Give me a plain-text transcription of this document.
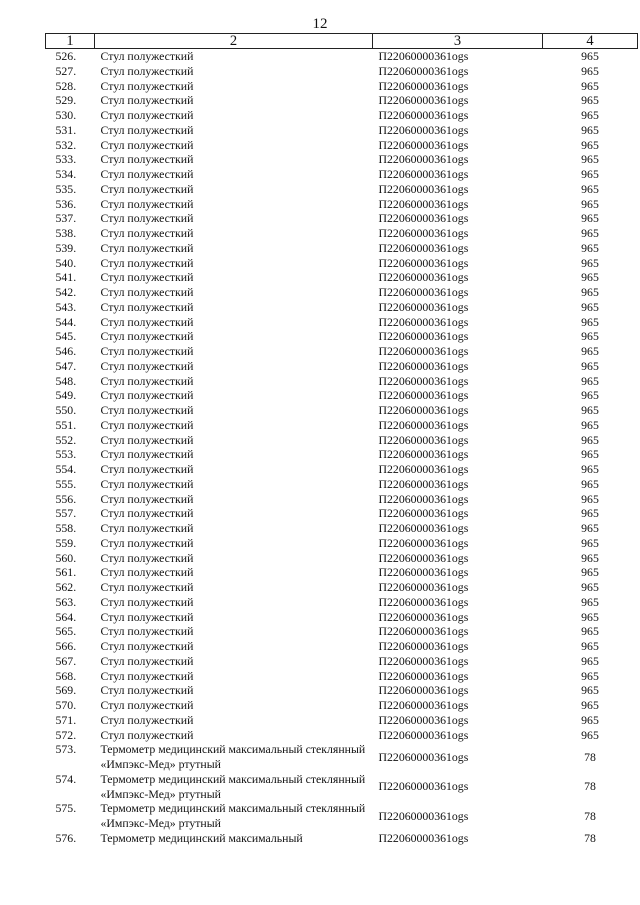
12
1	2	3	4
526.	Стул полужесткий	П22060000361ogs	965
527.	Стул полужесткий	П22060000361ogs	965
528.	Стул полужесткий	П22060000361ogs	965
529.	Стул полужесткий	П22060000361ogs	965
530.	Стул полужесткий	П22060000361ogs	965
531.	Стул полужесткий	П22060000361ogs	965
532.	Стул полужесткий	П22060000361ogs	965
533.	Стул полужесткий	П22060000361ogs	965
534.	Стул полужесткий	П22060000361ogs	965
535.	Стул полужесткий	П22060000361ogs	965
536.	Стул полужесткий	П22060000361ogs	965
537.	Стул полужесткий	П22060000361ogs	965
538.	Стул полужесткий	П22060000361ogs	965
539.	Стул полужесткий	П22060000361ogs	965
540.	Стул полужесткий	П22060000361ogs	965
541.	Стул полужесткий	П22060000361ogs	965
542.	Стул полужесткий	П22060000361ogs	965
543.	Стул полужесткий	П22060000361ogs	965
544.	Стул полужесткий	П22060000361ogs	965
545.	Стул полужесткий	П22060000361ogs	965
546.	Стул полужесткий	П22060000361ogs	965
547.	Стул полужесткий	П22060000361ogs	965
548.	Стул полужесткий	П22060000361ogs	965
549.	Стул полужесткий	П22060000361ogs	965
550.	Стул полужесткий	П22060000361ogs	965
551.	Стул полужесткий	П22060000361ogs	965
552.	Стул полужесткий	П22060000361ogs	965
553.	Стул полужесткий	П22060000361ogs	965
554.	Стул полужесткий	П22060000361ogs	965
555.	Стул полужесткий	П22060000361ogs	965
556.	Стул полужесткий	П22060000361ogs	965
557.	Стул полужесткий	П22060000361ogs	965
558.	Стул полужесткий	П22060000361ogs	965
559.	Стул полужесткий	П22060000361ogs	965
560.	Стул полужесткий	П22060000361ogs	965
561.	Стул полужесткий	П22060000361ogs	965
562.	Стул полужесткий	П22060000361ogs	965
563.	Стул полужесткий	П22060000361ogs	965
564.	Стул полужесткий	П22060000361ogs	965
565.	Стул полужесткий	П22060000361ogs	965
566.	Стул полужесткий	П22060000361ogs	965
567.	Стул полужесткий	П22060000361ogs	965
568.	Стул полужесткий	П22060000361ogs	965
569.	Стул полужесткий	П22060000361ogs	965
570.	Стул полужесткий	П22060000361ogs	965
571.	Стул полужесткий	П22060000361ogs	965
572.	Стул полужесткий	П22060000361ogs	965
573.	Термометр медицинский максимальный стеклянный «Импэкс-Мед» ртутный	П22060000361ogs	78
574.	Термометр медицинский максимальный стеклянный «Импэкс-Мед» ртутный	П22060000361ogs	78
575.	Термометр медицинский максимальный стеклянный «Импэкс-Мед» ртутный	П22060000361ogs	78
576.	Термометр медицинский максимальный	П22060000361ogs	78
